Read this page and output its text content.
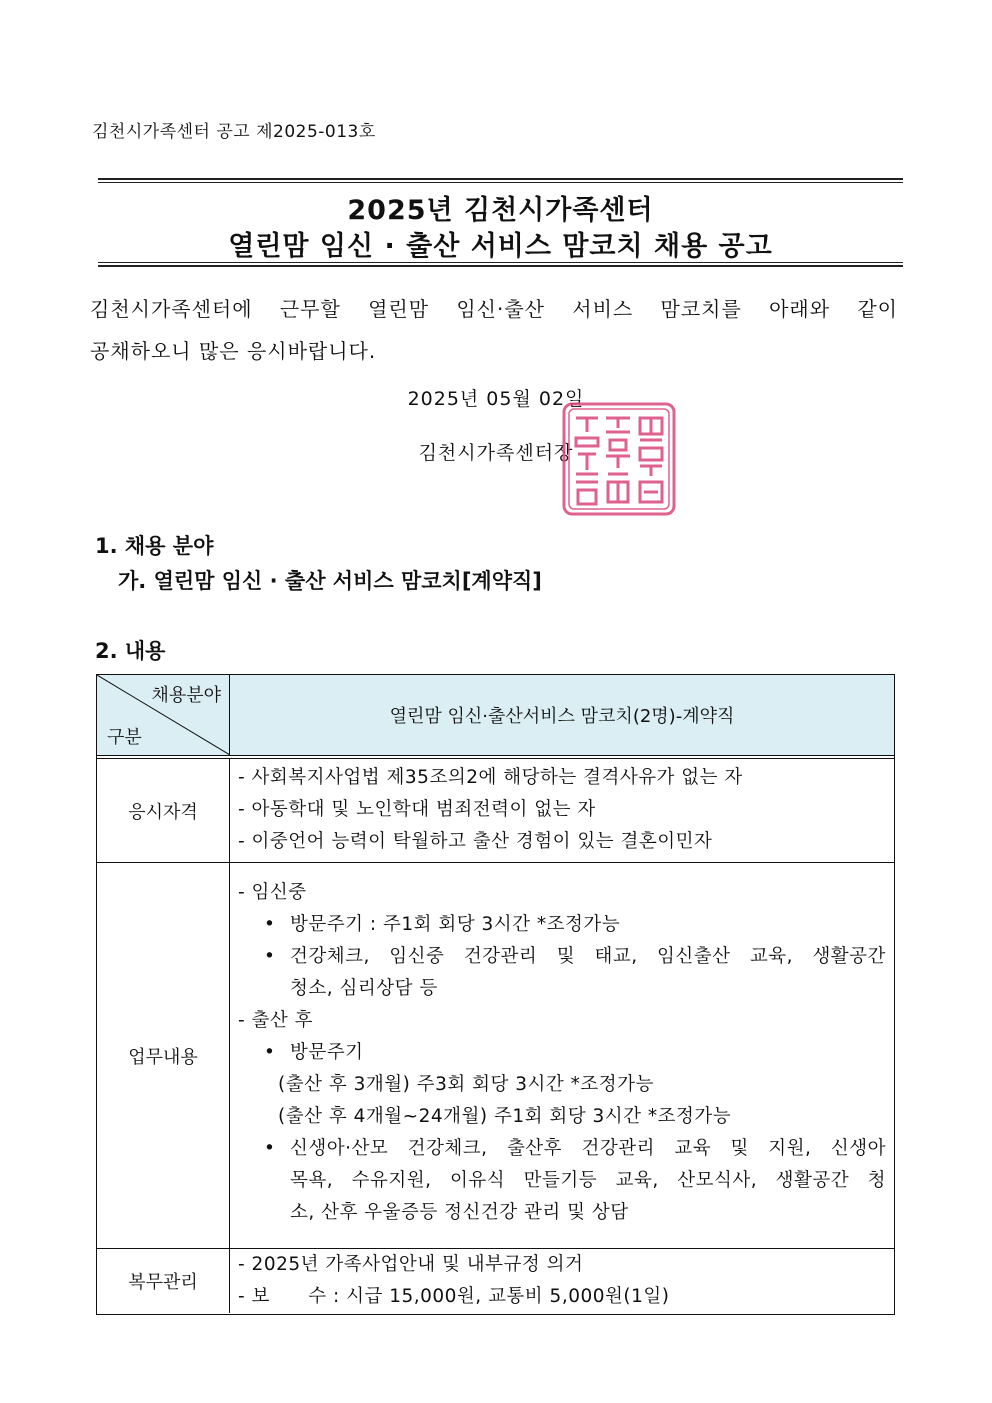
김천시가족센터 공고 제2025-013호
2025년 김천시가족센터
열린맘 임신 · 출산 서비스 맘코치 채용 공고
김천시가족센터에 근무할 열린맘 임신·출산 서비스 맘코치를 아래와 같이
공채하오니 많은 응시바랍니다.
2025년 05월 02일
김천시가족센터장
1. 채용 분야
가. 열린맘 임신 · 출산 서비스 맘코치[계약직]
2. 내용
채용분야
구분
열린맘 임신·출산서비스 맘코치(2명)-계약직
응시자격
- 사회복지사업법 제35조의2에 해당하는 결격사유가 없는 자
- 아동학대 및 노인학대 범죄전력이 없는 자
- 이중언어 능력이 탁월하고 출산 경험이 있는 결혼이민자
업무내용
- 임신중
• 방문주기 : 주1회 회당 3시간 *조정가능
• 건강체크, 임신중 건강관리 및 태교, 임신출산 교육, 생활공간
청소, 심리상담 등
- 출산 후
• 방문주기
(출산 후 3개월) 주3회 회당 3시간 *조정가능
(출산 후 4개월~24개월) 주1회 회당 3시간 *조정가능
• 신생아·산모 건강체크, 출산후 건강관리 교육 및 지원, 신생아
목욕, 수유지원, 이유식 만들기등 교육, 산모식사, 생활공간 청
소, 산후 우울증등 정신건강 관리 및 상담
복무관리
- 2025년 가족사업안내 및 내부규정 의거
- 보      수 : 시급 15,000원, 교통비 5,000원(1일)
